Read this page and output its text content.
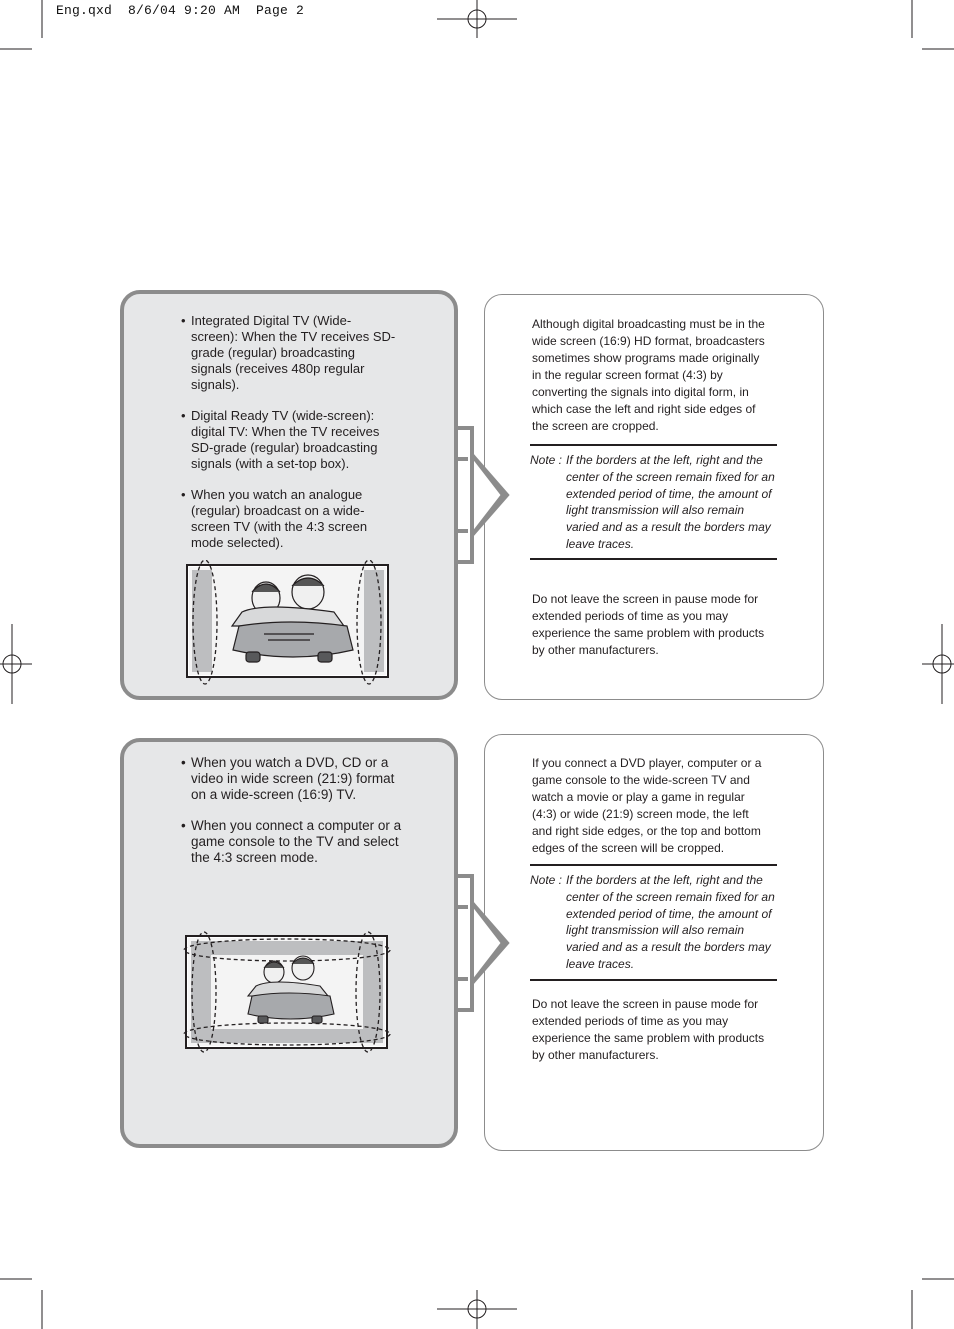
Eng.qxd  8/6/04 9:20 AM  Page 2
• Integrated Digital TV (Wide-screen): When the TV receives SD-grade (regular) broadcasting signals (receives 480p regular signals).
• Digital Ready TV (wide-screen): digital TV: When the TV receives SD-grade (regular) broadcasting signals (with a set-top box).
• When you watch an analogue (regular) broadcast on a wide-screen TV (with the 4:3 screen mode selected).
Although digital broadcasting must be in the wide screen (16:9) HD format, broadcasters sometimes show programs made originally in the regular screen format (4:3) by converting the signals into digital form, in which case the left and right side edges of the screen are cropped.
Note : If the borders at the left, right and the center of the screen remain fixed for an extended period of time, the amount of light transmission will also remain varied and as a result the borders may leave traces.
Do not leave the screen in pause mode for extended periods of time as you may experience the same problem with products by other manufacturers.
• When you watch a DVD, CD or a video in wide screen (21:9) format on a wide-screen (16:9) TV.
• When you connect a computer or a game console to the TV and select the 4:3 screen mode.
If you connect a DVD player, computer or a game console to the wide-screen TV and watch a movie or play a game in regular (4:3) or wide (21:9) screen mode, the left and right side edges, or the top and bottom edges of the screen will be cropped.
Note : If the borders at the left, right and the center of the screen remain fixed for an extended period of time, the amount of light transmission will also remain varied and as a result the borders may leave traces.
Do not leave the screen in pause mode for extended periods of time as you may experience the same problem with products by other manufacturers.
